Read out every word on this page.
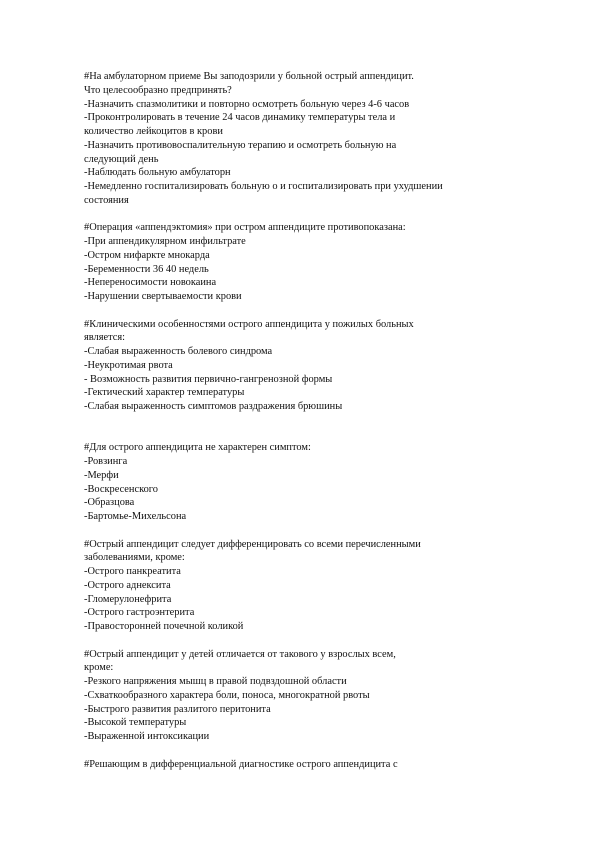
#На амбулаторном приеме Вы заподозрили у больной острый аппендицит.
Что целесообразно предпринять?
-Назначить спазмолитики и повторно осмотреть больную через 4-6 часов
-Проконтролировать в течение 24 часов динамику температуры тела и
количество лейкоцитов в крови
-Назначить противовоспалительную терапию и осмотреть больную на
следующий день
-Наблюдать больную амбулаторн
-Немедленно госпитализировать больную о и госпитализировать при ухудшении
состояния
#Операция «аппендэктомия» при остром аппендиците противопоказана:
-При аппендикулярном инфильтрате
-Остром нифаркте мнокарда
-Беременности 36 40 недель
-Непереносимости новокаина
-Нарушении свертываемости крови
#Клиническими особенностями острого аппендицита у пожилых больных
является:
-Слабая выраженность болевого синдрома
-Неукротимая рвота
- Возможность развития первично-гангренозной формы
-Гектический характер температуры
-Слабая выраженность симптомов раздражения брюшины
#Для острого аппендицита не характерен симптом:
-Ровзинга
-Мерфи
-Воскресенского
-Образцова
-Бартомье-Михельсона
#Острый аппендицит следует дифференцировать со всеми перечисленными
заболеваниями, кроме:
-Острого панкреатита
-Острого аднексита
-Гломерулонефрита
-Острого гастроэнтерита
-Правосторонней почечной коликой
#Острый аппендицит у детей отличается от такового у взрослых всем,
кроме:
-Резкого напряжения мышц в правой подвздошной области
-Схваткообразного характера боли, поноса, многократной рвоты
-Быстрого развития разлитого перитонита
-Высокой температуры
-Выраженной интоксикации
#Решающим в дифференциальной диагностике острого аппендицита с
